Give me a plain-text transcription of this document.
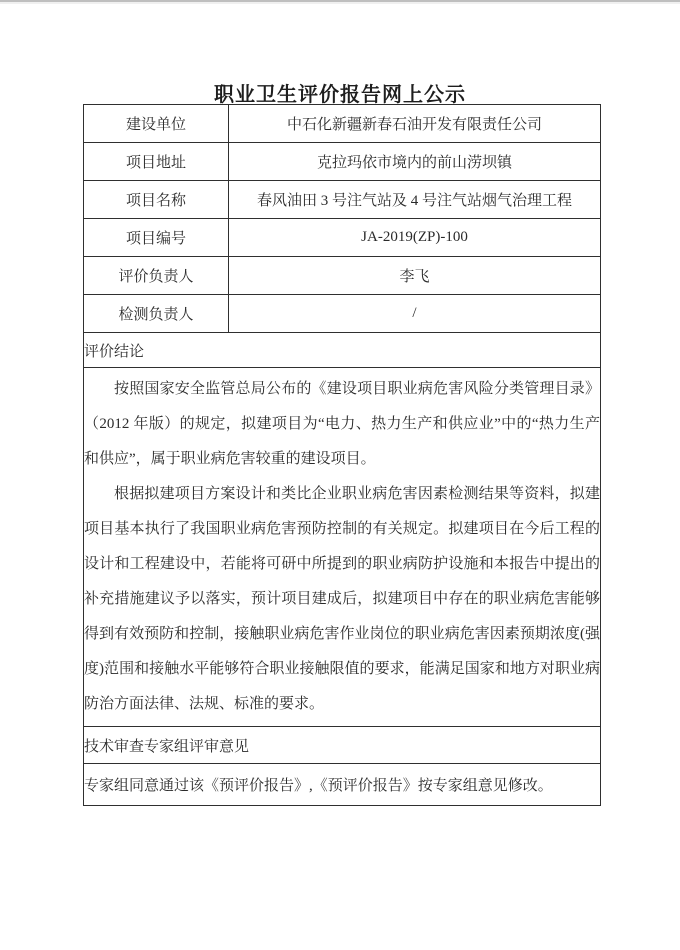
职业卫生评价报告网上公示
建设单位	中石化新疆新春石油开发有限责任公司
项目地址	克拉玛依市境内的前山涝坝镇
项目名称	春风油田 3 号注气站及 4 号注气站烟气治理工程
项目编号	JA-2019(ZP)-100
评价负责人	李飞
检测负责人	/
评价结论	

按照国家安全监管总局公布的《建设项目职业病危害风险分类管理目录》（2012 年版）的规定，拟建项目为“电力、热力生产和供应业”中的“热力生产和供应”，属于职业病危害较重的建设项目。

根据拟建项目方案设计和类比企业职业病危害因素检测结果等资料，拟建项目基本执行了我国职业病危害预防控制的有关规定。拟建项目在今后工程的设计和工程建设中，若能将可研中所提到的职业病防护设施和本报告中提出的补充措施建议予以落实，预计项目建成后，拟建项目中存在的职业病危害能够得到有效预防和控制，接触职业病危害作业岗位的职业病危害因素预期浓度(强度)范围和接触水平能够符合职业接触限值的要求，能满足国家和地方对职业病防治方面法律、法规、标准的要求。	

技术审查专家组评审意见	
专家组同意通过该《预评价报告》,《预评价报告》按专家组意见修改。	
